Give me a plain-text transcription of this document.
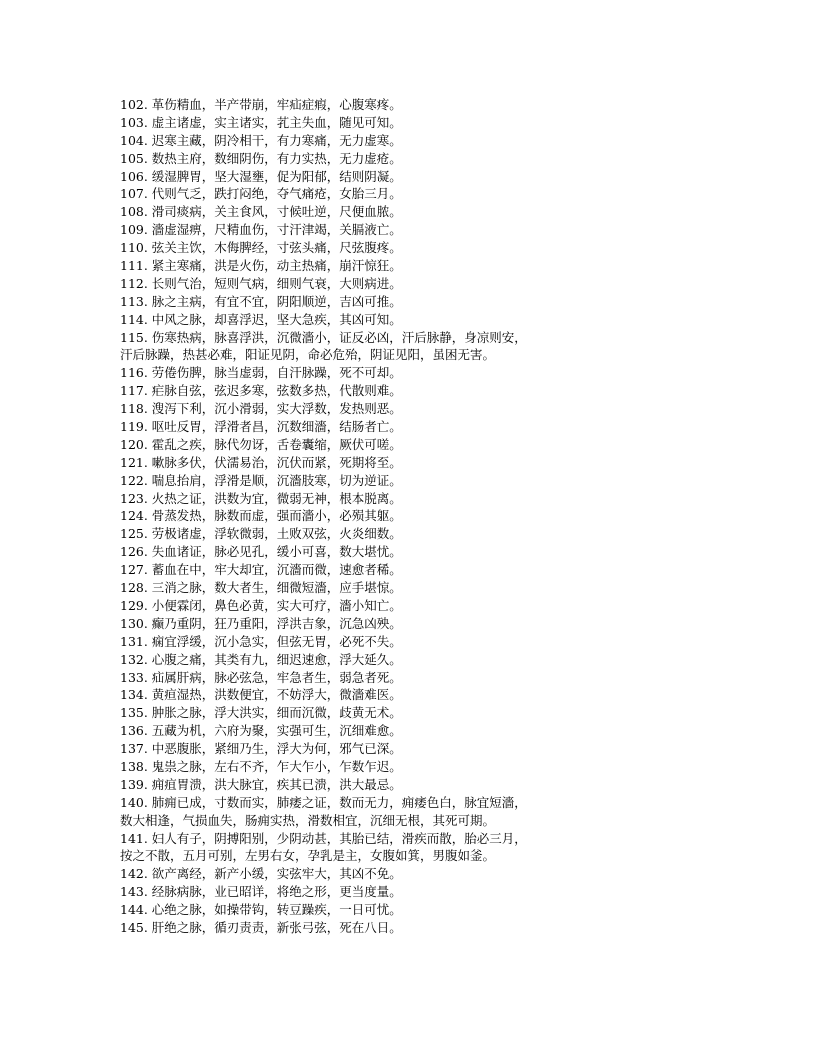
102. 革伤精血，半产带崩，牢疝症瘕，心腹寒疼。
103. 虚主诸虚，实主诸实，芤主失血，随见可知。
104. 迟寒主藏，阴冷相干，有力寒痛，无力虚寒。
105. 数热主府，数细阴伤，有力实热，无力虚疮。
106. 缓湿脾胃，坚大湿壅，促为阳郁，结则阴凝。
107. 代则气乏，跌打闷绝，夺气痛疮，女胎三月。
108. 滑司痰病，关主食风，寸候吐逆，尺便血脓。
109. 濇虚湿痹，尺精血伤，寸汗津竭，关膈液亡。
110. 弦关主饮，木侮脾经，寸弦头痛，尺弦腹疼。
111. 紧主寒痛，洪是火伤，动主热痛，崩汗惊狂。
112. 长则气治，短则气病，细则气衰，大则病进。
113. 脉之主病，有宜不宜，阴阳顺逆，吉凶可推。
114. 中风之脉，却喜浮迟，坚大急疾，其凶可知。
115. 伤寒热病，脉喜浮洪，沉微濇小，证反必凶，汗后脉静，身凉则安，
汗后脉躁，热甚必难，阳证见阴，命必危殆，阴证见阳，虽困无害。
116. 劳倦伤脾，脉当虚弱，自汗脉躁，死不可却。
117. 疟脉自弦，弦迟多寒，弦数多热，代散则难。
118. 溲泻下利，沉小滑弱，实大浮数，发热则恶。
119. 呕吐反胃，浮滑者昌，沉数细濇，结肠者亡。
120. 霍乱之疾，脉代勿讶，舌卷囊缩，厥伏可嗟。
121. 嗽脉多伏，伏濡易治，沉伏而紧，死期将至。
122. 喘息抬肩，浮滑是顺，沉濇肢寒，切为逆证。
123. 火热之证，洪数为宜，微弱无神，根本脱离。
124. 骨蒸发热，脉数而虚，强而濇小，必殒其躯。
125. 劳极诸虚，浮软微弱，土败双弦，火炎细数。
126. 失血诸证，脉必见孔，缓小可喜，数大堪忧。
127. 蓄血在中，牢大却宜，沉濇而微，速愈者稀。
128. 三消之脉，数大者生，细微短濇，应手堪惊。
129. 小便霖闭，鼻色必黄，实大可疗，濇小知亡。
130. 癫乃重阴，狂乃重阳，浮洪吉象，沉急凶殃。
131. 痫宜浮缓，沉小急实，但弦无胃，必死不失。
132. 心腹之痛，其类有九，细迟速愈，浮大延久。
133. 疝属肝病，脉必弦急，牢急者生，弱急者死。
134. 黄疸湿热，洪数便宜，不妨浮大，微濇难医。
135. 肿胀之脉，浮大洪实，细而沉微，歧黄无术。
136. 五藏为机，六府为聚，实强可生，沉细难愈。
137. 中恶腹胀，紧细乃生，浮大为何，邪气已深。
138. 鬼祟之脉，左右不齐，乍大乍小，乍数乍迟。
139. 痈疽胃溃，洪大脉宜，疾其已溃，洪大最忌。
140. 肺痈已成，寸数而实，肺痿之证，数而无力，痈痿色白，脉宜短濇，
数大相逢，气损血失，肠痈实热，滑数相宜，沉细无根，其死可期。
141. 妇人有子，阴搏阳别，少阴动甚，其胎已结，滑疾而散，胎必三月，
按之不散，五月可别，左男右女，孕乳是主，女腹如箕，男腹如釜。
142. 欲产离经，新产小缓，实弦牢大，其凶不免。
143. 经脉病脉，业已昭详，将绝之形，更当度量。
144. 心绝之脉，如操带钩，转豆躁疾，一日可忧。
145. 肝绝之脉，循刃责责，新张弓弦，死在八日。
